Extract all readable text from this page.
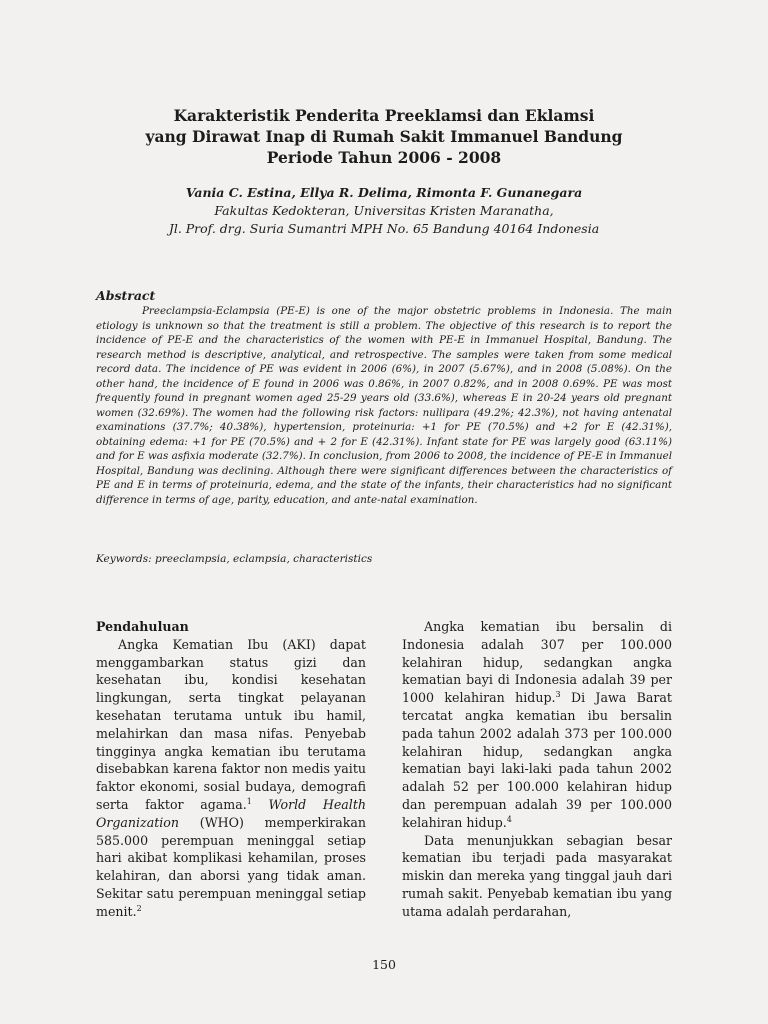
Karakteristik Penderita Preeklamsi dan Eklamsi
yang Dirawat Inap di Rumah Sakit Immanuel Bandung
Periode Tahun 2006 - 2008
Vania C. Estina, Ellya R. Delima, Rimonta F. Gunanegara
Fakultas Kedokteran, Universitas Kristen Maranatha,
Jl. Prof. drg. Suria Sumantri MPH No. 65 Bandung 40164 Indonesia
Abstract

Preeclampsia-Eclampsia (PE-E) is one of the major obstetric problems in Indonesia. The main etiology is unknown so that the treatment is still a problem. The objective of this research is to report the incidence of PE-E and the characteristics of the women with PE-E in Immanuel Hospital, Bandung. The research method is descriptive, analytical, and retrospective. The samples were taken from some medical record data. The incidence of PE was evident in 2006 (6%), in 2007 (5.67%), and in 2008 (5.08%). On the other hand, the incidence of E found in 2006 was 0.86%, in 2007 0.82%, and in 2008 0.69%. PE was most frequently found in pregnant women aged 25-29 years old (33.6%), whereas E in 20-24 years old pregnant women (32.69%). The women had the following risk factors: nullipara (49.2%; 42.3%), not having antenatal examinations (37.7%; 40.38%), hypertension, proteinuria: +1 for PE (70.5%) and +2 for E (42.31%), obtaining edema: +1 for PE (70.5%) and + 2 for E (42.31%). Infant state for PE was largely good (63.11%) and for E was asfixia moderate (32.7%). In conclusion, from 2006 to 2008, the incidence of PE-E in Immanuel Hospital, Bandung was declining. Although there were significant differences between the characteristics of PE and E in terms of proteinuria, edema, and the state of the infants, their characteristics had no significant difference in terms of age, parity, education, and ante-natal examination.

Keywords: preeclampsia, eclampsia, characteristics
Pendahuluan

Angka Kematian Ibu (AKI) dapat menggambarkan status gizi dan kesehatan ibu, kondisi kesehatan lingkungan, serta tingkat pelayanan kesehatan terutama untuk ibu hamil, melahirkan dan masa nifas. Penyebab tingginya angka kematian ibu terutama disebabkan karena faktor non medis yaitu faktor ekonomi, sosial budaya, demografi serta faktor agama.$^1$ World Health Organization (WHO) memperkirakan 585.000 perempuan meninggal setiap hari akibat komplikasi kehamilan, proses kelahiran, dan aborsi yang tidak aman. Sekitar satu perempuan meninggal setiap menit.$^2$

Angka kematian ibu bersalin di Indonesia adalah 307 per 100.000 kelahiran hidup, sedangkan angka kematian bayi di Indonesia adalah 39 per 1000 kelahiran hidup.$^3$ Di Jawa Barat tercatat angka kematian ibu bersalin pada tahun 2002 adalah 373 per 100.000 kelahiran hidup, sedangkan angka kematian bayi laki-laki pada tahun 2002 adalah 52 per 100.000 kelahiran hidup dan perempuan adalah 39 per 100.000 kelahiran hidup.$^4$

Data menunjukkan sebagian besar kematian ibu terjadi pada masyarakat miskin dan mereka yang tinggal jauh dari rumah sakit. Penyebab kematian ibu yang utama adalah perdarahan,

150
